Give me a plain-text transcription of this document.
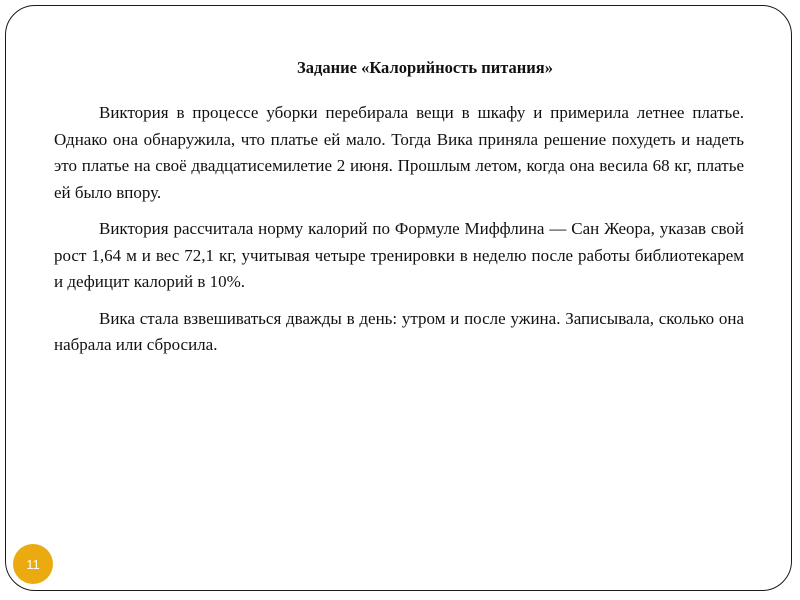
Задание «Калорийность питания»

Виктория в процессе уборки перебирала вещи в шкафу и примерила летнее платье. Однако она обнаружила, что платье ей мало. Тогда Вика приняла решение похудеть и надеть это платье на своё двадцатисемилетие 2 июня. Прошлым летом, когда она весила 68 кг, платье ей было впору.

Виктория рассчитала норму калорий по Формуле Миффлина — Сан Жеора, указав свой рост 1,64 м и вес 72,1 кг, учитывая четыре тренировки в неделю после работы библиотекарем и дефицит калорий в 10%.

Вика стала взвешиваться дважды в день: утром и после ужина. Записывала, сколько она набрала или сбросила.

11
